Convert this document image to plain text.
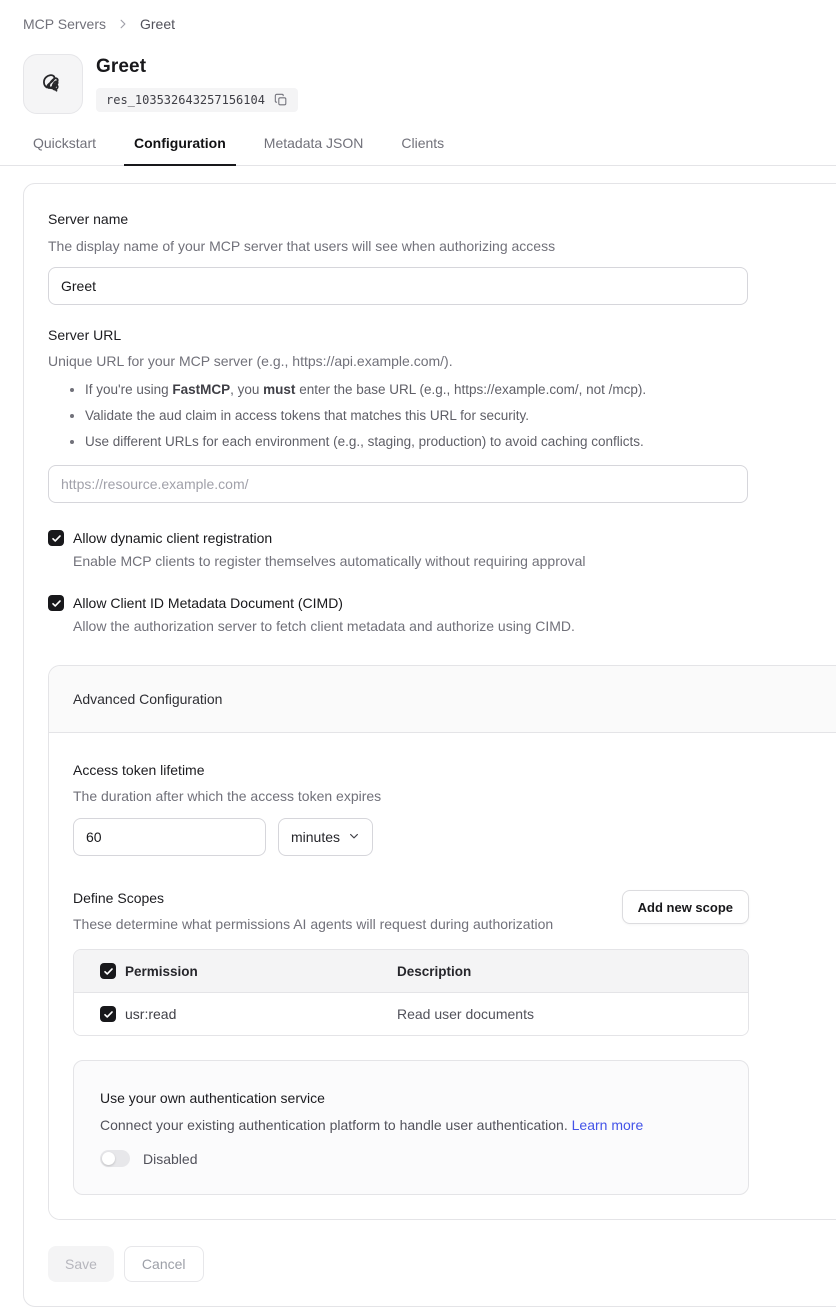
MCP Servers Greet
Greet
res_103532643257156104
Quickstart	Configuration	Metadata JSON	Clients
Server name
The display name of your MCP server that users will see when authorizing access
Greet
Server URL
Unique URL for your MCP server (e.g., https://api.example.com/).
• If you're using FastMCP, you must enter the base URL (e.g., https://example.com/, not /mcp).
• Validate the aud claim in access tokens that matches this URL for security.
• Use different URLs for each environment (e.g., staging, production) to avoid caching conflicts.
https://resource.example.com/
Allow dynamic client registration
Enable MCP clients to register themselves automatically without requiring approval
Allow Client ID Metadata Document (CIMD)
Allow the authorization server to fetch client metadata and authorize using CIMD.
Advanced Configuration
Access token lifetime
The duration after which the access token expires
60
minutes
Define Scopes
These determine what permissions AI agents will request during authorization
Add new scope
Permission	Description
usr:read	Read user documents
Use your own authentication service
Connect your existing authentication platform to handle user authentication. Learn more
Disabled
Save	Cancel
